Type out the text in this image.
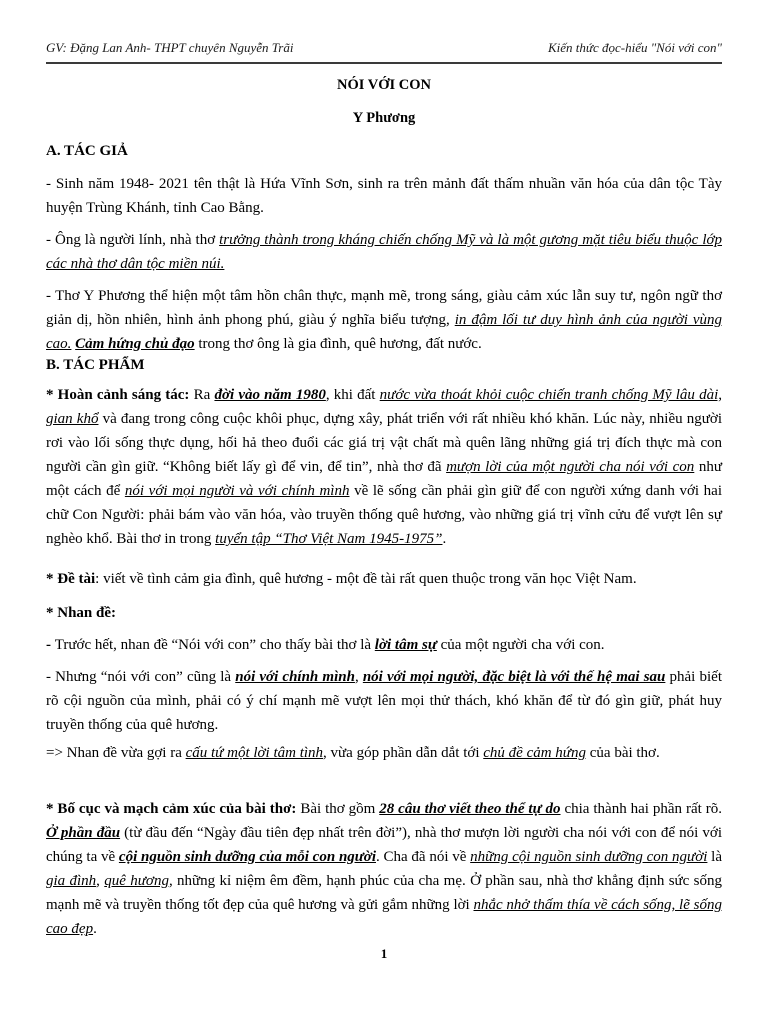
GV: Đặng Lan Anh- THPT chuyên Nguyễn Trãi	Kiến thức đọc-hiểu "Nói với con"
NÓI VỚI CON
Y Phương
A. TÁC GIẢ

- Sinh năm 1948- 2021 tên thật là Hứa Vĩnh Sơn, sinh ra trên mảnh đất thấm nhuần văn hóa của dân tộc Tày huyện Trùng Khánh, tỉnh Cao Bằng.

- Ông là người lính, nhà thơ trưởng thành trong kháng chiến chống Mỹ và là một gương mặt tiêu biểu thuộc lớp các nhà thơ dân tộc miền núi.

- Thơ Y Phương thể hiện một tâm hồn chân thực, mạnh mẽ, trong sáng, giàu cảm xúc lẫn suy tư, ngôn ngữ thơ giản dị, hồn nhiên, hình ảnh phong phú, giàu ý nghĩa biểu tượng, in đậm lối tư duy hình ảnh của người vùng cao. Cảm hứng chủ đạo trong thơ ông là gia đình, quê hương, đất nước.

B. TÁC PHẨM

* Hoàn cảnh sáng tác: Ra đời vào năm 1980, khi đất nước vừa thoát khỏi cuộc chiến tranh chống Mỹ lâu dài, gian khổ và đang trong công cuộc khôi phục, dựng xây, phát triển với rất nhiều khó khăn. Lúc này, nhiều người rơi vào lối sống thực dụng, hối hả theo đuổi các giá trị vật chất mà quên lãng những giá trị đích thực mà con người cần gìn giữ. “Không biết lấy gì để vin, để tin”, nhà thơ đã mượn lời của một người cha nói với con như một cách để nói với mọi người và với chính mình về lẽ sống cần phải gìn giữ để con người xứng danh với hai chữ Con Người: phải bám vào văn hóa, vào truyền thống quê hương, vào những giá trị vĩnh cửu để vượt lên sự nghèo khổ. Bài thơ in trong tuyển tập “Thơ Việt Nam 1945-1975”.

* Đề tài: viết về tình cảm gia đình, quê hương - một đề tài rất quen thuộc trong văn học Việt Nam.

* Nhan đề:

- Trước hết, nhan đề “Nói với con” cho thấy bài thơ là lời tâm sự của một người cha với con.

- Nhưng “nói với con” cũng là nói với chính mình, nói với mọi người, đặc biệt là với thế hệ mai sau phải biết rõ cội nguồn của mình, phải có ý chí mạnh mẽ vượt lên mọi thử thách, khó khăn để từ đó gìn giữ, phát huy truyền thống của quê hương.

=> Nhan đề vừa gợi ra cấu tứ một lời tâm tình, vừa góp phần dẫn dắt tới chủ đề cảm hứng của bài thơ.

* Bố cục và mạch cảm xúc của bài thơ: Bài thơ gồm 28 câu thơ viết theo thể tự do chia thành hai phần rất rõ. Ở phần đầu (từ đầu đến “Ngày đầu tiên đẹp nhất trên đời”), nhà thơ mượn lời người cha nói với con để nói với chúng ta về cội nguồn sinh dưỡng của mỗi con người. Cha đã nói về những cội nguồn sinh dưỡng con người là gia đình, quê hương, những kỉ niệm êm đềm, hạnh phúc của cha mẹ. Ở phần sau, nhà thơ khẳng định sức sống mạnh mẽ và truyền thống tốt đẹp của quê hương và gửi gắm những lời nhắc nhở thấm thía về cách sống, lẽ sống cao đẹp.

1
